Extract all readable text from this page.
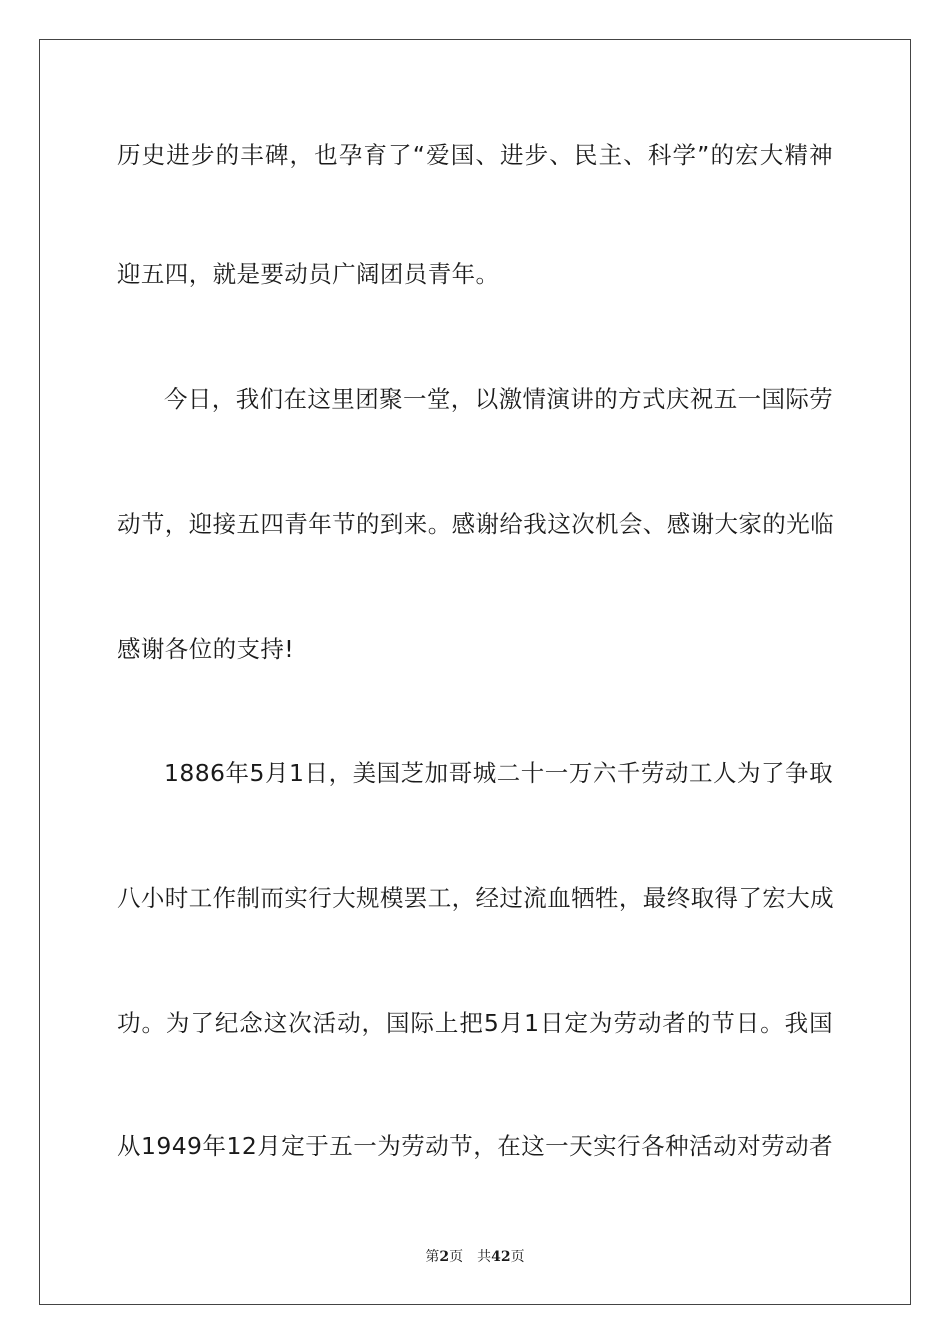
历史进步的丰碑，也孕育了“爱国、进步、民主、科学”的宏大精神
迎五四，就是要动员广阔团员青年。
今日，我们在这里团聚一堂，以激情演讲的方式庆祝五一国际劳
动节，迎接五四青年节的到来。感谢给我这次机会、感谢大家的光临
感谢各位的支持!
1886年5月1日，美国芝加哥城二十一万六千劳动工人为了争取
八小时工作制而实行大规模罢工，经过流血牺牲，最终取得了宏大成
功。为了纪念这次活动，国际上把5月1日定为劳动者的节日。我国
从1949年12月定于五一为劳动节，在这一天实行各种活动对劳动者
第2页 共42页
